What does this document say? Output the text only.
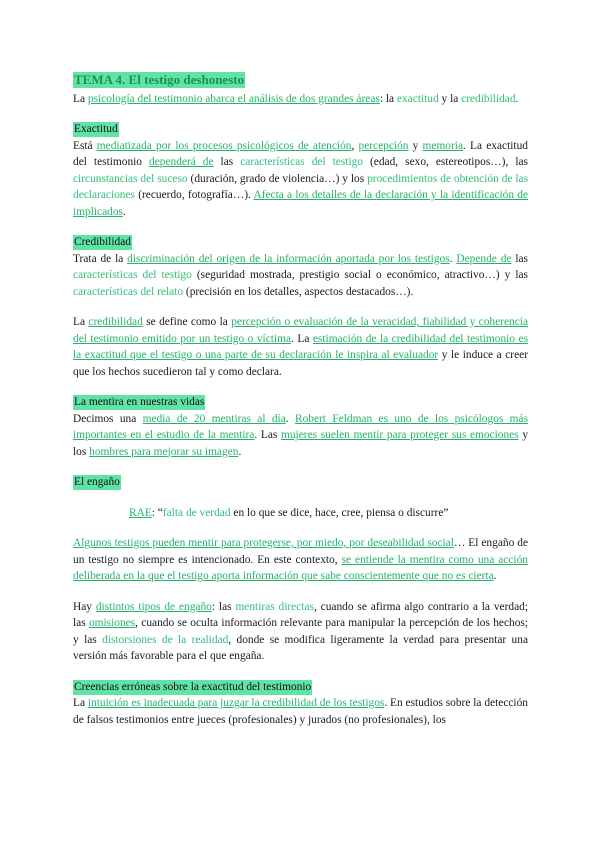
TEMA 4. El testigo deshonesto

La psicología del testimonio abarca el análisis de dos grandes áreas: la exactitud y la credibilidad.

Exactitud

Está mediatizada por los procesos psicológicos de atención, percepción y memoria. La exactitud del testimonio dependerá de las características del testigo (edad, sexo, estereotipos…), las circunstancias del suceso (duración, grado de violencia…) y los procedimientos de obtención de las declaraciones (recuerdo, fotografía…). Afecta a los detalles de la declaración y la identificación de implicados.

Credibilidad

Trata de la discriminación del origen de la información aportada por los testigos. Depende de las características del testigo (seguridad mostrada, prestigio social o económico, atractivo…) y las características del relato (precisión en los detalles, aspectos destacados…).

La credibilidad se define como la percepción o evaluación de la veracidad, fiabilidad y coherencia del testimonio emitido por un testigo o víctima. La estimación de la credibilidad del testimonio es la exactitud que el testigo o una parte de su declaración le inspira al evaluador y le induce a creer que los hechos sucedieron tal y como declara.

La mentira en nuestras vidas

Decimos una media de 20 mentiras al día. Robert Feldman es uno de los psicólogos más importantes en el estudio de la mentira. Las mujeres suelen mentir para proteger sus emociones y los hombres para mejorar su imagen.

El engaño

RAE: “falta de verdad en lo que se dice, hace, cree, piensa o discurre”

Algunos testigos pueden mentir para protegerse, por miedo, por deseabilidad social… El engaño de un testigo no siempre es intencionado. En este contexto, se entiende la mentira como una acción deliberada en la que el testigo aporta información que sabe conscientemente que no es cierta.

Hay distintos tipos de engaño: las mentiras directas, cuando se afirma algo contrario a la verdad; las omisiones, cuando se oculta información relevante para manipular la percepción de los hechos; y las distorsiones de la realidad, donde se modifica ligeramente la verdad para presentar una versión más favorable para el que engaña.

Creencias erróneas sobre la exactitud del testimonio

La intuición es inadecuada para juzgar la credibilidad de los testigos. En estudios sobre la detección de falsos testimonios entre jueces (profesionales) y jurados (no profesionales), los
